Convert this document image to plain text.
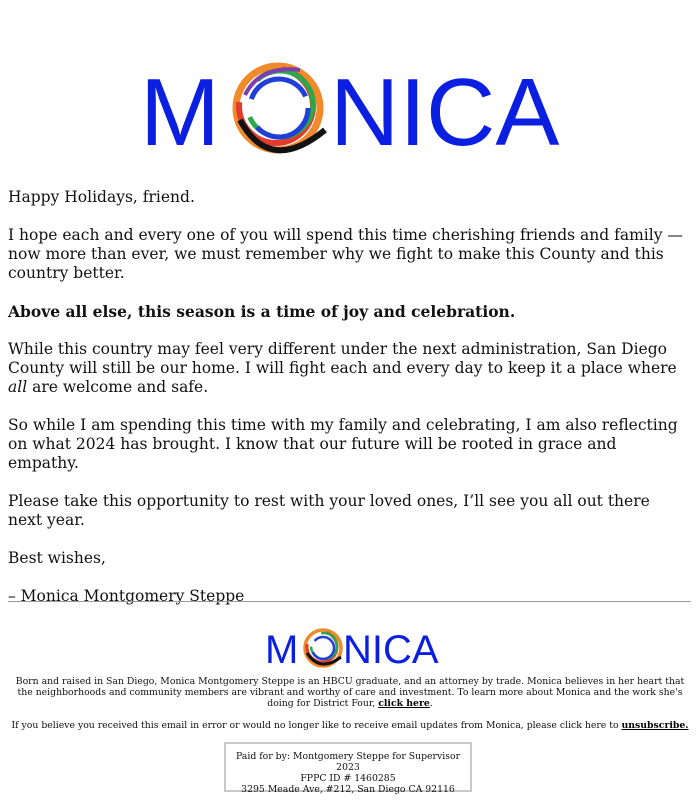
M NICA

Happy Holidays, friend.

I hope each and every one of you will spend this time cherishing friends and family — now more than ever, we must remember why we fight to make this County and this country better.

Above all else, this season is a time of joy and celebration.

While this country may feel very different under the next administration, San Diego County will still be our home. I will fight each and every day to keep it a place where all are welcome and safe.

So while I am spending this time with my family and celebrating, I am also reflecting on what 2024 has brought. I know that our future will be rooted in grace and empathy.

Please take this opportunity to rest with your loved ones, I’ll see you all out there next year.

Best wishes,

– Monica Montgomery Steppe

M NICA
Born and raised in San Diego, Monica Montgomery Steppe is an HBCU graduate, and an attorney by trade. Monica believes in her heart that the neighborhoods and community members are vibrant and worthy of care and investment. To learn more about Monica and the work she's doing for District Four, click here.
If you believe you received this email in error or would no longer like to receive email updates from Monica, please click here to unsubscribe.
Paid for by: Montgomery Steppe for Supervisor 2023
FPPC ID # 1460285
3295 Meade Ave, #212, San Diego CA 92116
